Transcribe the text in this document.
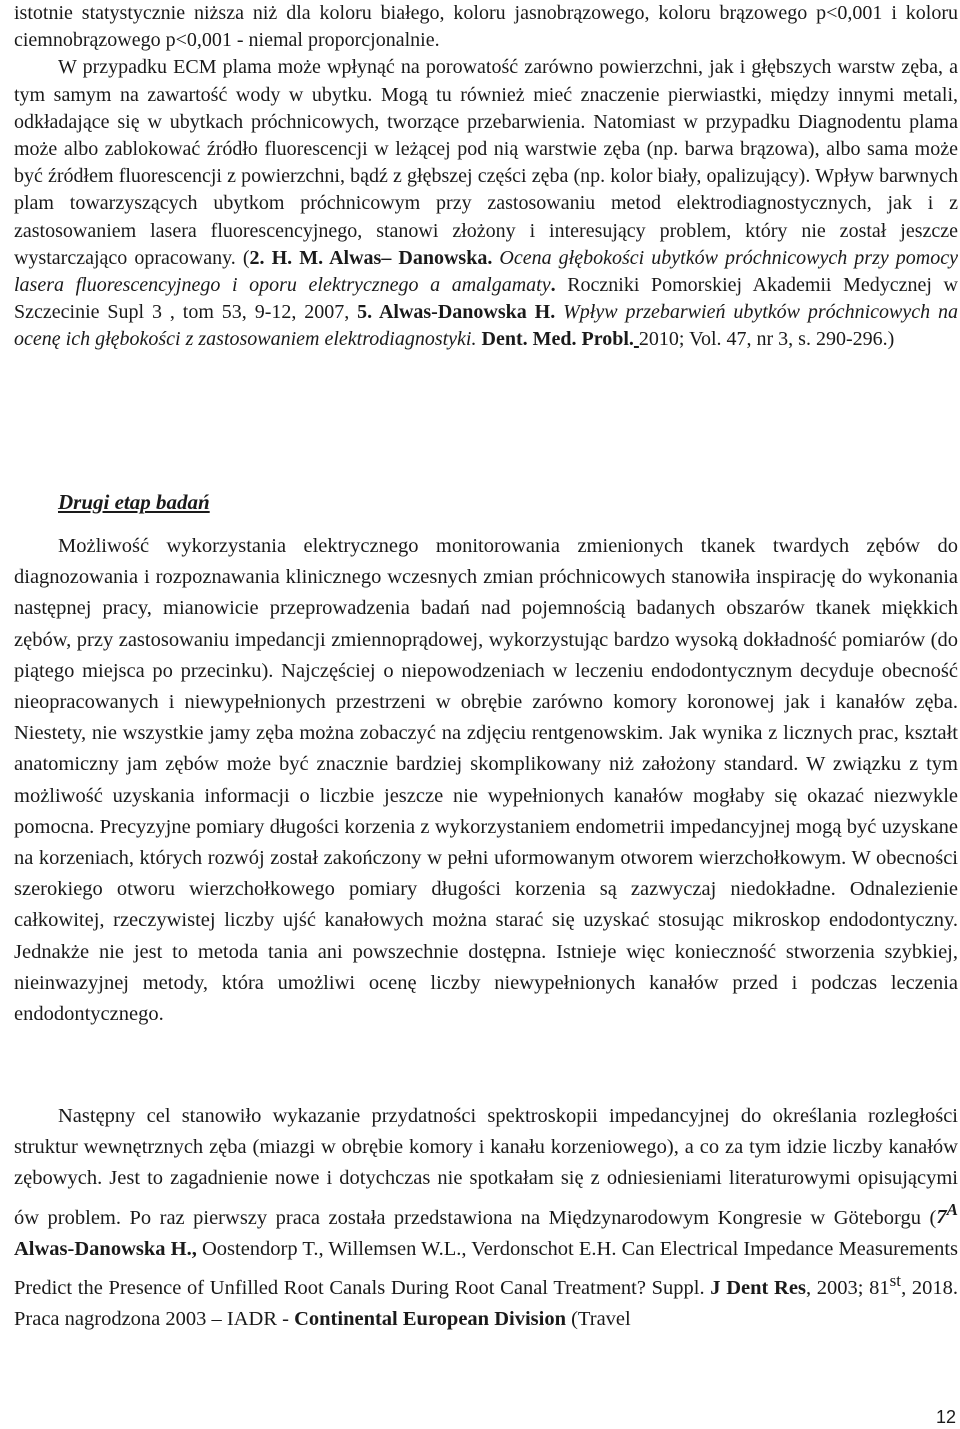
istotnie statystycznie niższa niż dla koloru białego, koloru jasnobrązowego, koloru brązowego p<0,001 i koloru ciemnobrązowego p<0,001 - niemal proporcjonalnie.
W przypadku ECM plama może wpłynąć na porowatość zarówno powierzchni, jak i głębszych warstw zęba, a tym samym na zawartość wody w ubytku. Mogą tu również mieć znaczenie pierwiastki, między innymi metali, odkładające się w ubytkach próchnicowych, tworzące przebarwienia. Natomiast w przypadku Diagnodentu plama może albo zablokować źródło fluorescencji w leżącej pod nią warstwie zęba (np. barwa brązowa), albo sama może być źródłem fluorescencji z powierzchni, bądź z głębszej części zęba (np. kolor biały, opalizujący). Wpływ barwnych plam towarzyszących ubytkom próchnicowym przy zastosowaniu metod elektrodiagnostycznych, jak i z zastosowaniem lasera fluorescencyjnego, stanowi złożony i interesujący problem, który nie został jeszcze wystarczająco opracowany. (2. H. M. Alwas– Danowska. Ocena głębokości ubytków próchnicowych przy pomocy lasera fluorescencyjnego i oporu elektrycznego a amalgamaty. Roczniki Pomorskiej Akademii Medycznej w Szczecinie Supl 3 , tom 53, 9-12, 2007, 5. Alwas-Danowska H. Wpływ przebarwień ubytków próchnicowych na ocenę ich głębokości z zastosowaniem elektrodiagnostyki. Dent. Med. Probl. 2010; Vol. 47, nr 3, s. 290-296.)
Drugi etap badań
Możliwość wykorzystania elektrycznego monitorowania zmienionych tkanek twardych zębów do diagnozowania i rozpoznawania klinicznego wczesnych zmian próchnicowych stanowiła inspirację do wykonania następnej pracy, mianowicie przeprowadzenia badań nad pojemnością badanych obszarów tkanek miękkich zębów, przy zastosowaniu impedancji zmiennoprądowej, wykorzystując bardzo wysoką dokładność pomiarów (do piątego miejsca po przecinku). Najczęściej o niepowodzeniach w leczeniu endodontycznym decyduje obecność nieopracowanych i niewypełnionych przestrzeni w obrębie zarówno komory koronowej jak i kanałów zęba. Niestety, nie wszystkie jamy zęba można zobaczyć na zdjęciu rentgenowskim. Jak wynika z licznych prac, kształt anatomiczny jam zębów może być znacznie bardziej skomplikowany niż założony standard. W związku z tym możliwość uzyskania informacji o liczbie jeszcze nie wypełnionych kanałów mogłaby się okazać niezwykle pomocna. Precyzyjne pomiary długości korzenia z wykorzystaniem endometrii impedancyjnej mogą być uzyskane na korzeniach, których rozwój został zakończony w pełni uformowanym otworem wierzchołkowym. W obecności szerokiego otworu wierzchołkowego pomiary długości korzenia są zazwyczaj niedokładne. Odnalezienie całkowitej, rzeczywistej liczby ujść kanałowych można starać się uzyskać stosując mikroskop endodontyczny. Jednakże nie jest to metoda tania ani powszechnie dostępna. Istnieje więc konieczność stworzenia szybkiej, nieinwazyjnej metody, która umożliwi ocenę liczby niewypełnionych kanałów przed i podczas leczenia endodontycznego.
Następny cel stanowiło wykazanie przydatności spektroskopii impedancyjnej do określania rozległości struktur wewnętrznych zęba (miazgi w obrębie komory i kanału korzeniowego), a co za tym idzie liczby kanałów zębowych. Jest to zagadnienie nowe i dotychczas nie spotkałam się z odniesieniami literaturowymi opisującymi ów problem. Po raz pierwszy praca została przedstawiona na Międzynarodowym Kongresie w Göteborgu ($7^A$ Alwas-Danowska H., Oostendorp T., Willemsen W.L., Verdonschot E.H. Can Electrical Impedance Measurements Predict the Presence of Unfilled Root Canals During Root Canal Treatment? Suppl. J Dent Res, 2003; 81st, 2018. Praca nagrodzona 2003 – IADR - Continental European Division (Travel
12
